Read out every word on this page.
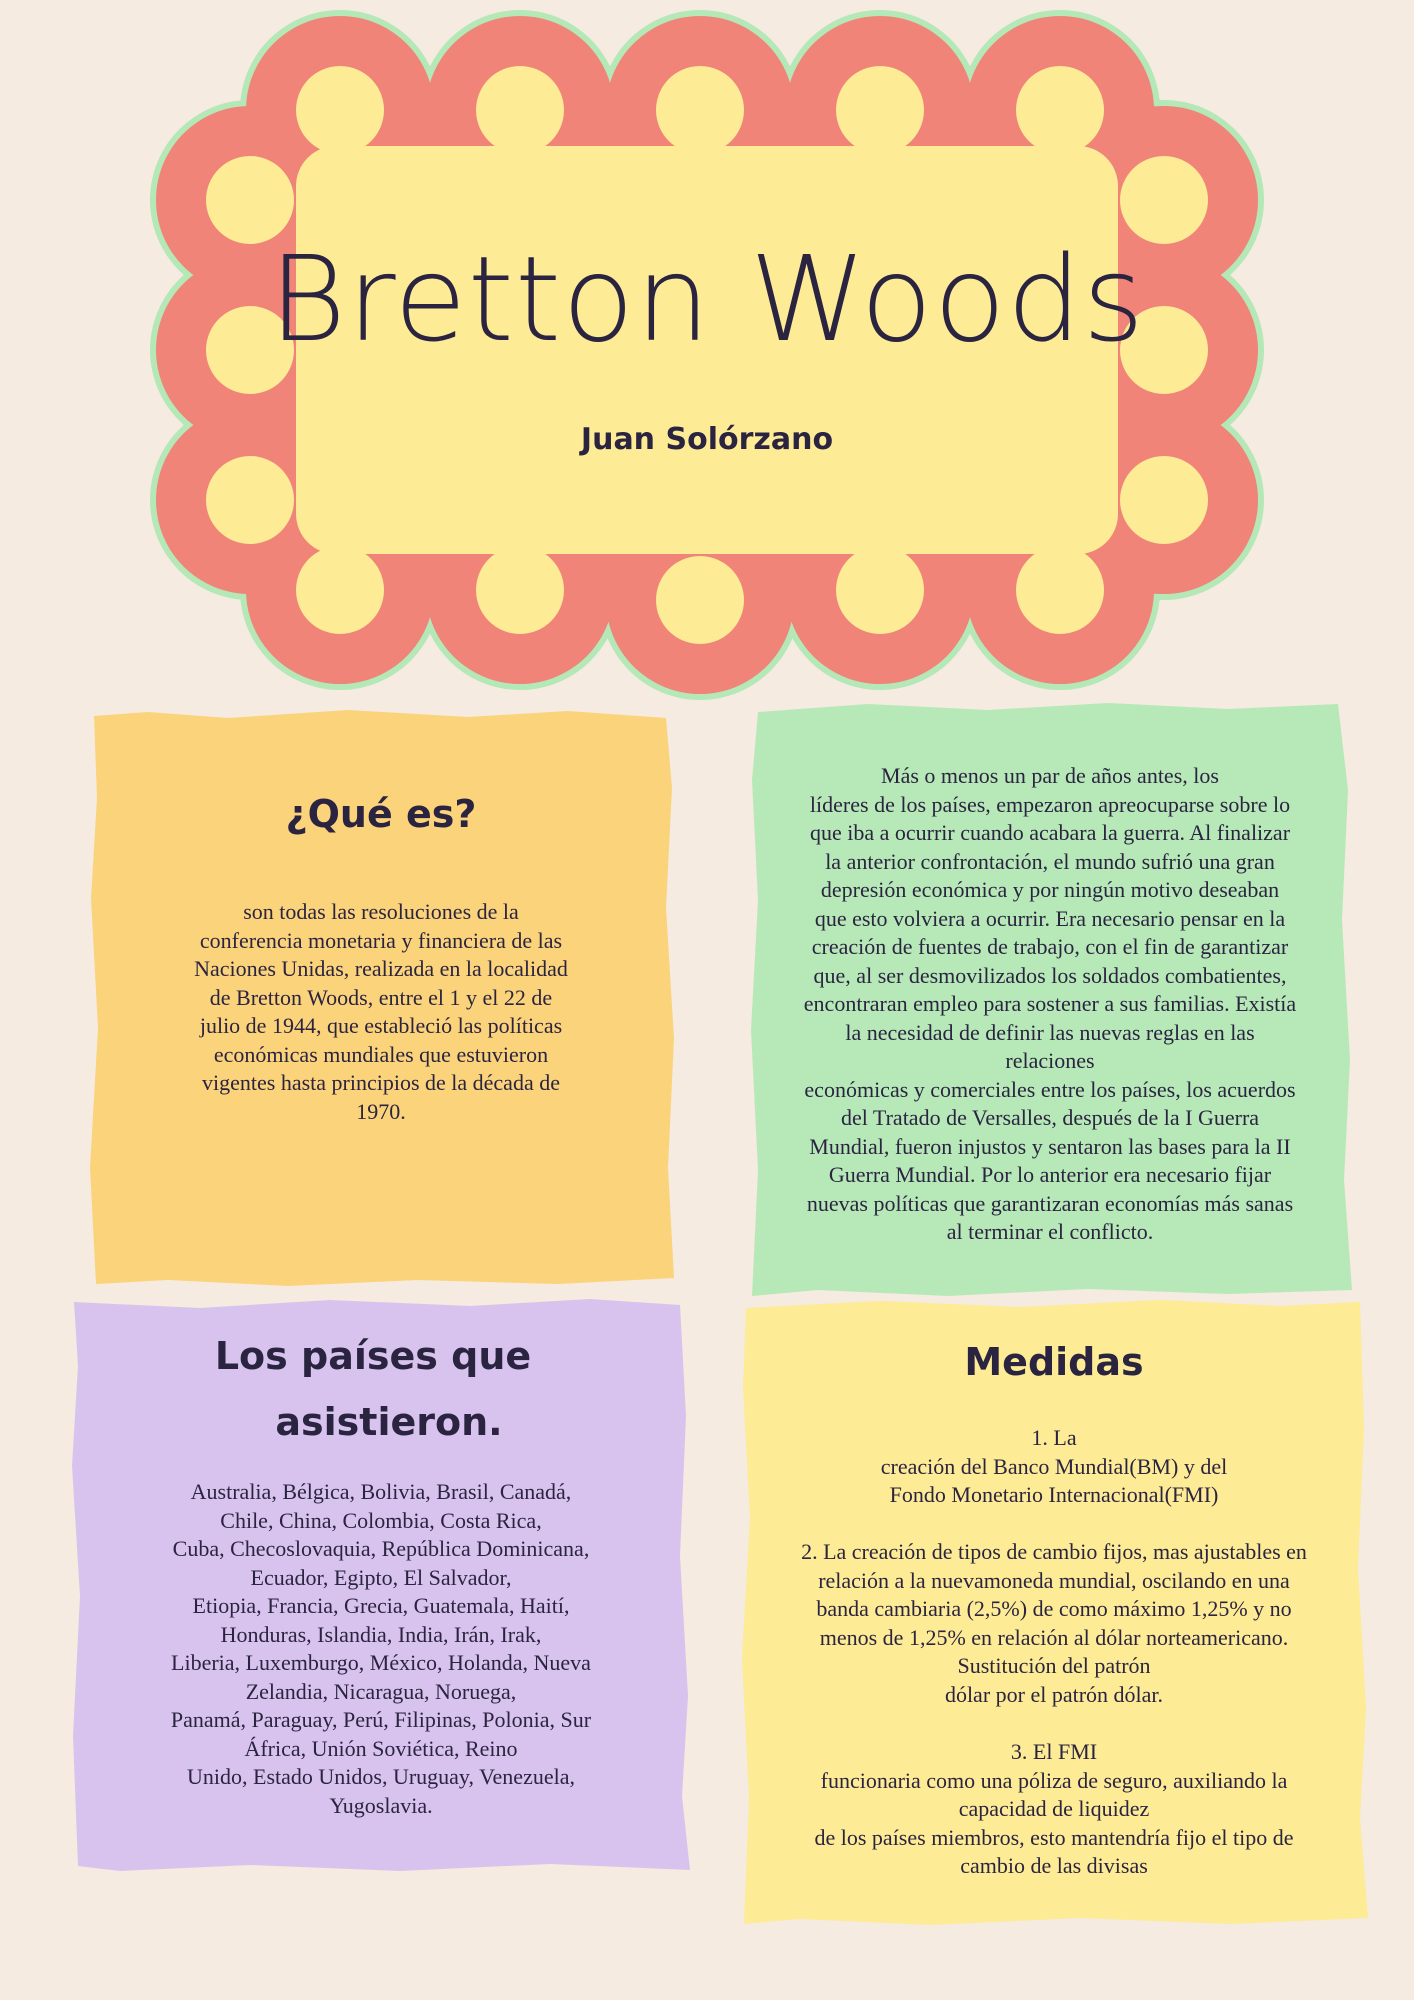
Bretton Woods

Juan Solórzano

¿Qué es?

son todas las resoluciones de la
conferencia monetaria y financiera de las
Naciones Unidas, realizada en la localidad
de Bretton Woods, entre el 1 y el 22 de
julio de 1944, que estableció las políticas
económicas mundiales que estuvieron
vigentes hasta principios de la década de
1970.

Más o menos un par de años antes, los
líderes de los países, empezaron apreocuparse sobre lo
que iba a ocurrir cuando acabara la guerra. Al finalizar
la anterior confrontación, el mundo sufrió una gran
depresión económica y por ningún motivo deseaban
que esto volviera a ocurrir. Era necesario pensar en la
creación de fuentes de trabajo, con el fin de garantizar
que, al ser desmovilizados los soldados combatientes,
encontraran empleo para sostener a sus familias. Existía
la necesidad de definir las nuevas reglas en las
relaciones
económicas y comerciales entre los países, los acuerdos
del Tratado de Versalles, después de la I Guerra
Mundial, fueron injustos y sentaron las bases para la II
Guerra Mundial. Por lo anterior era necesario fijar
nuevas políticas que garantizaran economías más sanas
al terminar el conflicto.

Los países que

asistieron.

Australia, Bélgica, Bolivia, Brasil, Canadá,
Chile, China, Colombia, Costa Rica,
Cuba, Checoslovaquia, República Dominicana,
Ecuador, Egipto, El Salvador,
Etiopia, Francia, Grecia, Guatemala, Haití,
Honduras, Islandia, India, Irán, Irak,
Liberia, Luxemburgo, México, Holanda, Nueva
Zelandia, Nicaragua, Noruega,
Panamá, Paraguay, Perú, Filipinas, Polonia, Sur
África, Unión Soviética, Reino
Unido, Estado Unidos, Uruguay, Venezuela,
Yugoslavia.

Medidas

1. La
creación del Banco Mundial(BM) y del
Fondo Monetario Internacional(FMI)

2. La creación de tipos de cambio fijos, mas ajustables en
relación a la nuevamoneda mundial, oscilando en una
banda cambiaria (2,5%) de como máximo 1,25% y no
menos de 1,25% en relación al dólar norteamericano.
Sustitución del patrón
dólar por el patrón dólar.

3. El FMI
funcionaria como una póliza de seguro, auxiliando la
capacidad de liquidez
de los países miembros, esto mantendría fijo el tipo de
cambio de las divisas
